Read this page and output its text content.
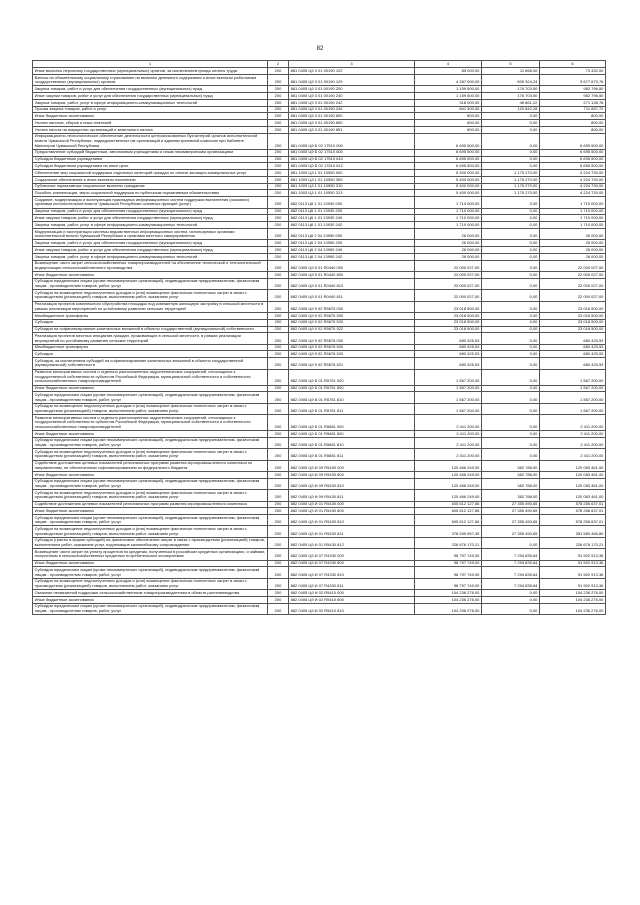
82
1	2	3	4	5	6
Иные выплаты персоналу государственных (муниципальных) органов, за исключением фонда оплаты труда	200	881 0405 Ц9 3 01 00190 122	85 000,00	11 668,00	73 332,00
Взносы по обязательному социальному страхованию на выплаты денежного содержания и иные выплаты работникам государственных (муниципальных) органов	200	881 0405 Ц9 3 01 00190 129	4 287 000,00	609 324,24	3 677 675,76
Закупка товаров, работ и услуг для обеспечения государственных (муниципальных) нужд	200	881 0405 Ц9 3 01 00190 200	1 159 500,00	176 703,50	982 796,50
Иные закупки товаров, работ и услуг для обеспечения государственных (муниципальных) нужд	200	881 0405 Ц9 3 01 00190 240	1 159 500,00	176 703,50	982 796,50
Закупка товаров, работ, услуг в сфере информационно-коммуникационных технологий	200	881 0405 Ц9 3 01 00190 242	318 000,00	46 861,22	271 138,78
Прочая закупка товаров, работ и услуг	200	881 0405 Ц9 3 01 00190 244	841 500,00	129 842,28	711 657,72
Иные бюджетные ассигнования	200	881 0405 Ц9 3 01 00190 800	800,00	0,00	800,00
Уплата налогов, сборов и иных платежей	200	881 0405 Ц9 3 01 00190 850	800,00	0,00	800,00
Уплата налога на имущество организаций и земельного налога	200	881 0405 Ц9 3 01 00190 851	800,00	0,00	800,00
Информационно-технологическое обеспечение деятельности централизованных бухгалтерий органов исполнительной власти Чувашской Республики, подведомственных им организаций и административной комиссии при Кабинете Министров Чувашской Республики	200	881 0405 Ц9 Б 02 17510 000	6 695 500,00	0,00	6 695 500,00
Предоставление субсидий бюджетным, автономным учреждениям и иным некоммерческим организациям	200	881 0405 Ц9 Б 02 17510 600	6 695 500,00	0,00	6 695 500,00
Субсидии бюджетным учреждениям	200	881 0405 Ц9 Б 02 17510 610	6 695 500,00	0,00	6 695 500,00
Субсидии бюджетным учреждениям на иные цели	200	881 0405 Ц9 Б 02 17510 612	6 695 500,00	0,00	6 695 500,00
Обеспечение мер социальной поддержки отдельных категорий граждан по оплате жилищно-коммунальных услуг	200	881 1003 Ц3 1 01 10550 000	5 400 000,00	1 175 270,00	4 224 730,00
Социальное обеспечение и иные выплаты населению	200	881 1003 Ц3 1 01 10550 300	5 400 000,00	1 175 270,00	4 224 730,00
Публичные нормативные социальные выплаты гражданам	200	881 1003 Ц3 1 01 10550 310	5 400 000,00	1 175 270,00	4 224 730,00
Пособия, компенсации, меры социальной поддержки по публичным нормативным обязательствам	200	881 1003 Ц3 1 01 10550 313	5 400 000,00	1 175 270,00	4 224 730,00
Создание, модернизация и эксплуатация прикладных информационных систем поддержки выполнения (оказания) органами исполнительной власти Чувашской Республики основных функций (услуг)	200	882 0113 Ц6 1 01 13930 000	1 710 000,00	0,00	1 710 000,00
Закупка товаров, работ и услуг для обеспечения государственных (муниципальных) нужд	200	882 0113 Ц6 1 01 13930 200	1 710 000,00	0,00	1 710 000,00
Иные закупки товаров, работ и услуг для обеспечения государственных (муниципальных) нужд	200	882 0113 Ц6 1 01 13930 240	1 710 000,00	0,00	1 710 000,00
Закупка товаров, работ, услуг в сфере информационно-коммуникационных технологий	200	882 0113 Ц6 1 01 13930 242	1 710 000,00	0,00	1 710 000,00
Модернизация и эксплуатация системы ведомственных информационных систем, используемых органами исполнительной власти Чувашской Республики и органами местного самоуправления	200	882 0113 Ц6 2 04 13950 000	26 000,00	0,00	26 000,00
Закупка товаров, работ и услуг для обеспечения государственных (муниципальных) нужд	200	882 0113 Ц6 2 04 13950 200	26 000,00	0,00	26 000,00
Иные закупки товаров, работ и услуг для обеспечения государственных (муниципальных) нужд	200	882 0113 Ц6 2 04 13950 240	26 000,00	0,00	26 000,00
Закупка товаров, работ, услуг в сфере информационно-коммуникационных технологий	200	882 0113 Ц6 2 04 13950 242	26 000,00	0,00	26 000,00
Возмещение части затрат сельскохозяйственных товаропроизводителей на обеспечение технической и технологической модернизации сельскохозяйственного производства	200	882 0405 Ц9 5 01 R0440 000	22 000 027,00	0,00	22 000 027,00
Иные бюджетные ассигнования	200	882 0405 Ц9 5 01 R0440 800	22 000 027,00	0,00	22 000 027,00
Субсидии юридическим лицам (кроме некоммерческих организаций), индивидуальным предпринимателям, физическим лицам - производителям товаров, работ, услуг	200	882 0405 Ц9 5 01 R0440 810	22 000 027,00	0,00	22 000 027,00
Субсидии на возмещение недополученных доходов и (или) возмещение фактически понесенных затрат в связи с производством (реализацией) товаров, выполнением работ, оказанием услуг	200	882 0405 Ц9 5 01 R0440 811	22 000 027,00	0,00	22 000 027,00
Реализация проектов комплексного обустройства площадок под компактную жилищную застройку в сельской местности в рамках реализации мероприятий по устойчивому развитию сельских территорий	200	882 0405 Ц9 9 02 R5675 000	23 018 500,00	0,00	23 018 500,00
Межбюджетные трансферты	200	882 0405 Ц9 9 02 R5675 500	23 018 500,00	0,00	23 018 500,00
Субсидии	200	882 0405 Ц9 9 02 R5675 520	23 018 500,00	0,00	23 018 500,00
Субсидии на софинансирование капитальных вложений в объекты государственной (муниципальной) собственности	200	882 0405 Ц9 9 02 R5675 522	23 018 500,00	0,00	23 018 500,00
Реализация проектов местных инициатив граждан, проживающих в сельской местности, в рамках реализации мероприятий по устойчивому развитию сельских территорий	200	882 0405 Ц9 9 02 R5678 000	680 425,53	0,00	680 425,53
Межбюджетные трансферты	200	882 0405 Ц9 9 02 R5678 500	680 425,53	0,00	680 425,53
Субсидии	200	882 0405 Ц9 9 02 R5678 520	680 425,53	0,00	680 425,53
Субсидии, за исключением субсидий на софинансирование капитальных вложений в объекты государственной (муниципальной) собственности	200	882 0405 Ц9 9 02 R5678 521	680 425,53	0,00	680 425,53
Развитие мелиоративных систем и отдельно расположенных гидротехнических сооружений, относящихся к государственной собственности субъектов Российской Федерации, муниципальной собственности и собственности сельскохозяйственных товаропроизводителей	200	882 0405 Ц9 Б 01 R5761 000	1 567 200,00	0,00	1 567 200,00
Иные бюджетные ассигнования	200	882 0405 Ц9 Б 01 R5761 800	1 567 200,00	0,00	1 567 200,00
Субсидии юридическим лицам (кроме некоммерческих организаций), индивидуальным предпринимателям, физическим лицам - производителям товаров, работ, услуг	200	882 0405 Ц9 Б 01 R5761 810	1 567 200,00	0,00	1 567 200,00
Субсидии на возмещение недополученных доходов и (или) возмещение фактически понесенных затрат в связи с производством (реализацией) товаров, выполнением работ, оказанием услуг	200	882 0405 Ц9 Б 01 R5761 811	1 567 200,00	0,00	1 567 200,00
Развитие мелиоративных систем и отдельно расположенных гидротехнических сооружений, относящихся к государственной собственности субъектов Российской Федерации, муниципальной собственности и собственности сельскохозяйственных товаропроизводителей	200	882 0405 Ц9 Б 01 R5681 000	2 411 200,00	0,00	2 411 200,00
Иные бюджетные ассигнования	200	882 0405 Ц9 Б 01 R5681 800	2 411 200,00	0,00	2 411 200,00
Субсидии юридическим лицам (кроме некоммерческих организаций), индивидуальным предпринимателям, физическим лицам - производителям товаров, работ, услуг	200	882 0405 Ц9 Б 01 R5681 810	2 411 200,00	0,00	2 411 200,00
Субсидии на возмещение недополученных доходов и (или) возмещение фактически понесенных затрат в связи с производством (реализацией) товаров, выполнением работ, оказанием услуг	200	882 0405 Ц9 Б 01 R5681 811	2 411 200,00	0,00	2 411 200,00
Содействие достижению целевых показателей региональных программ развития агропромышленного комплекса по направлениям, не обеспеченным софинансированием из федерального бюджета	200	882 0405 Ц9 И 09 R5430 000	120 466 249,00	382 788,00	120 083 461,00
Иные бюджетные ассигнования	200	882 0405 Ц9 И 09 R5430 800	120 466 249,00	382 788,00	120 083 461,00
Субсидии юридическим лицам (кроме некоммерческих организаций), индивидуальным предпринимателям, физическим лицам - производителям товаров, работ, услуг	200	882 0405 Ц9 И 09 R5430 810	120 466 249,00	382 788,00	120 083 461,00
Субсидии на возмещение недополученных доходов и (или) возмещение фактически понесенных затрат в связи с производством (реализацией) товаров, выполнением работ, оказанием услуг	200	882 0405 Ц9 И 09 R5430 811	120 466 249,00	382 788,00	120 083 461,00
Содействие достижению целевых показателей региональных программ развития агропромышленного комплекса	200	882 0405 Ц9 И 01 R5430 000	605 612 127,66	27 355 490,65	578 256 637,01
Иные бюджетные ассигнования	200	882 0405 Ц9 И 01 R5430 800	605 612 127,66	27 355 490,65	578 256 637,01
Субсидии юридическим лицам (кроме некоммерческих организаций), индивидуальным предпринимателям, физическим лицам - производителям товаров, работ, услуг	200	882 0405 Ц9 И 01 R5430 810	605 612 127,66	27 355 490,65	578 256 637,01
Субсидии на возмещение недополученных доходов и (или) возмещение фактически понесенных затрат в связи с производством (реализацией) товаров, выполнением работ, оказанием услуг	200	882 0405 Ц9 И 01 R5430 811	378 935 957,45	27 355 490,65	351 580 466,80
Субсидии (гранты в форме субсидий) на финансовое обеспечение затрат в связи с производством (реализацией) товаров, выполнением работ, оказанием услуг, подлежащие казначейскому сопровождению	200	882 0405 Ц9 И 01 R5430 812	226 676 170,21	0,00	226 676 170,21
Возмещение части затрат на уплату процентов по кредитам, полученным в российских кредитных организациях, и займам, полученным в сельскохозяйственных кредитных потребительских кооперативах	200	882 0405 Ц9 И 07 R4330 000	98 797 749,00	7 294 835,64	91 502 913,36
Иные бюджетные ассигнования	200	882 0405 Ц9 И 07 R4330 800	98 797 749,00	7 294 835,64	91 502 913,36
Субсидии юридическим лицам (кроме некоммерческих организаций), индивидуальным предпринимателям, физическим лицам - производителям товаров, работ, услуг	200	882 0405 Ц9 И 07 R4330 810	98 797 749,00	7 294 835,64	91 502 913,36
Субсидии на возмещение недополученных доходов и (или) возмещение фактически понесенных затрат в связи с производством (реализацией) товаров, выполнением работ, оказанием услуг	200	882 0405 Ц9 И 07 R4330 811	98 797 749,00	7 294 835,64	91 502 913,36
Оказание несвязанной поддержки сельскохозяйственным товаропроизводителям в области растениеводства	200	882 0405 Ц9 И 02 R5410 000	104 236 276,00	0,00	104 236 276,00
Иные бюджетные ассигнования	200	882 0405 Ц9 И 02 R5410 800	104 236 276,00	0,00	104 236 276,00
Субсидии юридическим лицам (кроме некоммерческих организаций), индивидуальным предпринимателям, физическим лицам - производителям товаров, работ, услуг	200	882 0405 Ц9 И 02 R5410 810	104 236 276,00	0,00	104 236 276,00
